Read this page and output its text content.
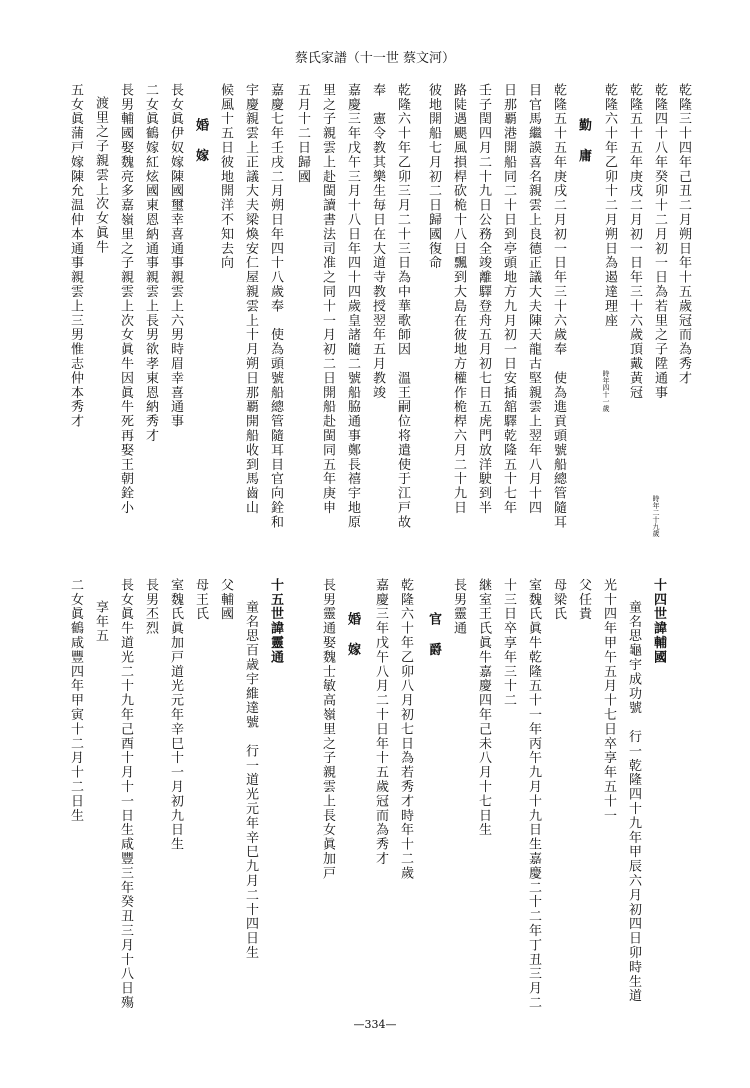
蔡氏家譜（十一世 蔡文河）
乾隆三十四年己丑二月朔日年十五歲冠而為秀才
乾隆四十八年癸卯十二月初一日為若里之子陞通事
時年二十九歲
乾隆五十五年庚戌二月初一日年三十六歲頂戴黃冠
乾隆六十年乙卯十二月朔日為遏達理座
時年四十一歲
勤 庸
乾隆五十五年庚戌二月初一日年三十六歲奉　使為進貢頭號船總管隨耳
目官馬繼謨喜名親雲上良德正議大夫陳天龍古堅親雲上翌年八月十四
日那覇港開船同二十日到亭頭地方九月初一日安插舘驛乾隆五十七年
壬子閏四月二十九日公務全竣離驛登舟五月初七日五虎門放洋駛到半
路陡遇颶風損桿砍桅十八日飄到大島在彼地方權作桅桿六月二十九日
彼地開船七月初二日歸國復命
乾隆六十年乙卯三月二十三日為中華歌師因　溫王嗣位将遣使于江戸故
奉　憲令教其樂生毎日在大道寺教授翌年五月教竣
嘉慶三年戊午三月十八日年四十四歲皇諸隨二號船脇通事鄭長禧宇地原
里之子親雲上赴閩讀書法司准之同十一月初二日開船赴閩同五年庚申
五月十二日歸國
嘉慶七年壬戌二月朔日年四十八歲奉　使為頭號船總管隨耳目官向銓和
宇慶親雲上正議大夫梁煥安仁屋親雲上十月朔日那覇開船收到馬齒山
候風十五日彼地開洋不知去向
婚 嫁
長女眞伊奴嫁陳國璽幸喜通事親雲上六男時眉幸喜通事
二女眞鶴嫁紅炫國東恩納通事親雲上長男欲孝東恩納秀才
長男輔國娶魏亮多嘉嶺里之子親雲上次女眞牛因眞牛死再娶王朝銓小
渡里之子親雲上次女眞牛
五女眞蒲戸嫁陳允温仲本通事親雲上三男惟志仲本秀才
十四世諱輔國
童名思龜宇成功號　行一乾隆四十九年甲辰六月初四日卯時生道
光十四年甲午五月十七日卒享年五十一
父任貴
母梁氏
室魏氏眞牛乾隆五十一年丙午九月十九日生嘉慶二十二年丁丑三月二
十三日卒享年三十二
継室王氏眞牛嘉慶四年己未八月十七日生
長男靈通
官 爵
乾隆六十年乙卯八月初七日為若秀才時年十二歲
嘉慶三年戊午八月二十日年十五歲冠而為秀才
婚 嫁
長男靈通娶魏士敏高嶺里之子親雲上長女眞加戸
十五世諱靈通
童名思百歳宇維達號　行一道光元年辛巳九月二十四日生
父輔國
母王氏
室魏氏眞加戸道光元年辛巳十一月初九日生
長男丕烈
長女眞牛道光二十九年己酉十月十一日生咸豐三年癸丑三月十八日殤
享年五
二女眞鶴咸豐四年甲寅十二月十二日生
—334—
